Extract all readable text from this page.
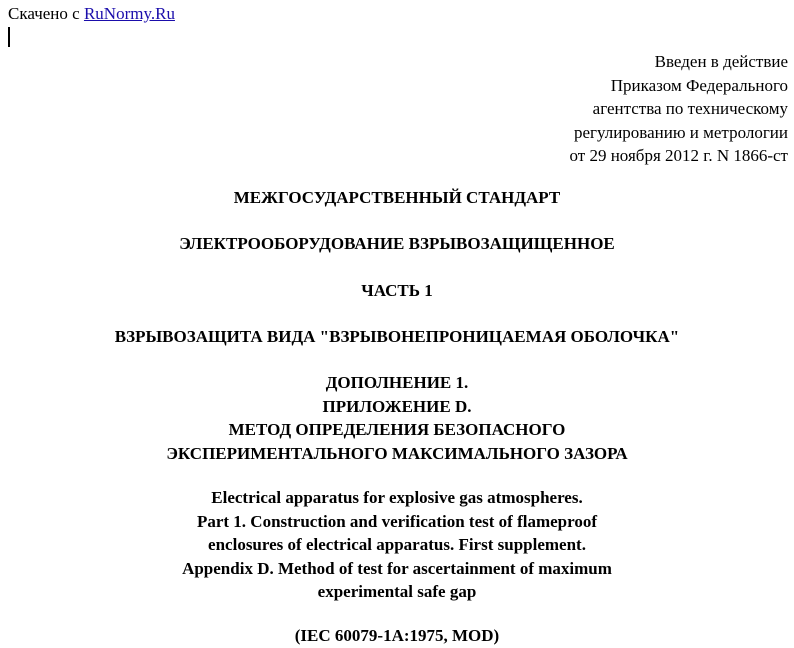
Скачено с RuNormy.Ru
Введен в действие
Приказом Федерального
агентства по техническому
регулированию и метрологии
от 29 ноября 2012 г. N 1866-ст
МЕЖГОСУДАРСТВЕННЫЙ СТАНДАРТ
ЭЛЕКТРООБОРУДОВАНИЕ ВЗРЫВОЗАЩИЩЕННОЕ
ЧАСТЬ 1
ВЗРЫВОЗАЩИТА ВИДА "ВЗРЫВОНЕПРОНИЦАЕМАЯ ОБОЛОЧКА"
ДОПОЛНЕНИЕ 1.
ПРИЛОЖЕНИЕ D.
МЕТОД ОПРЕДЕЛЕНИЯ БЕЗОПАСНОГО
ЭКСПЕРИМЕНТАЛЬНОГО МАКСИМАЛЬНОГО ЗАЗОРА
Electrical apparatus for explosive gas atmospheres.
Part 1. Construction and verification test of flameproof
enclosures of electrical apparatus. First supplement.
Appendix D. Method of test for ascertainment of maximum
experimental safe gap
(IEC 60079-1A:1975, MOD)
